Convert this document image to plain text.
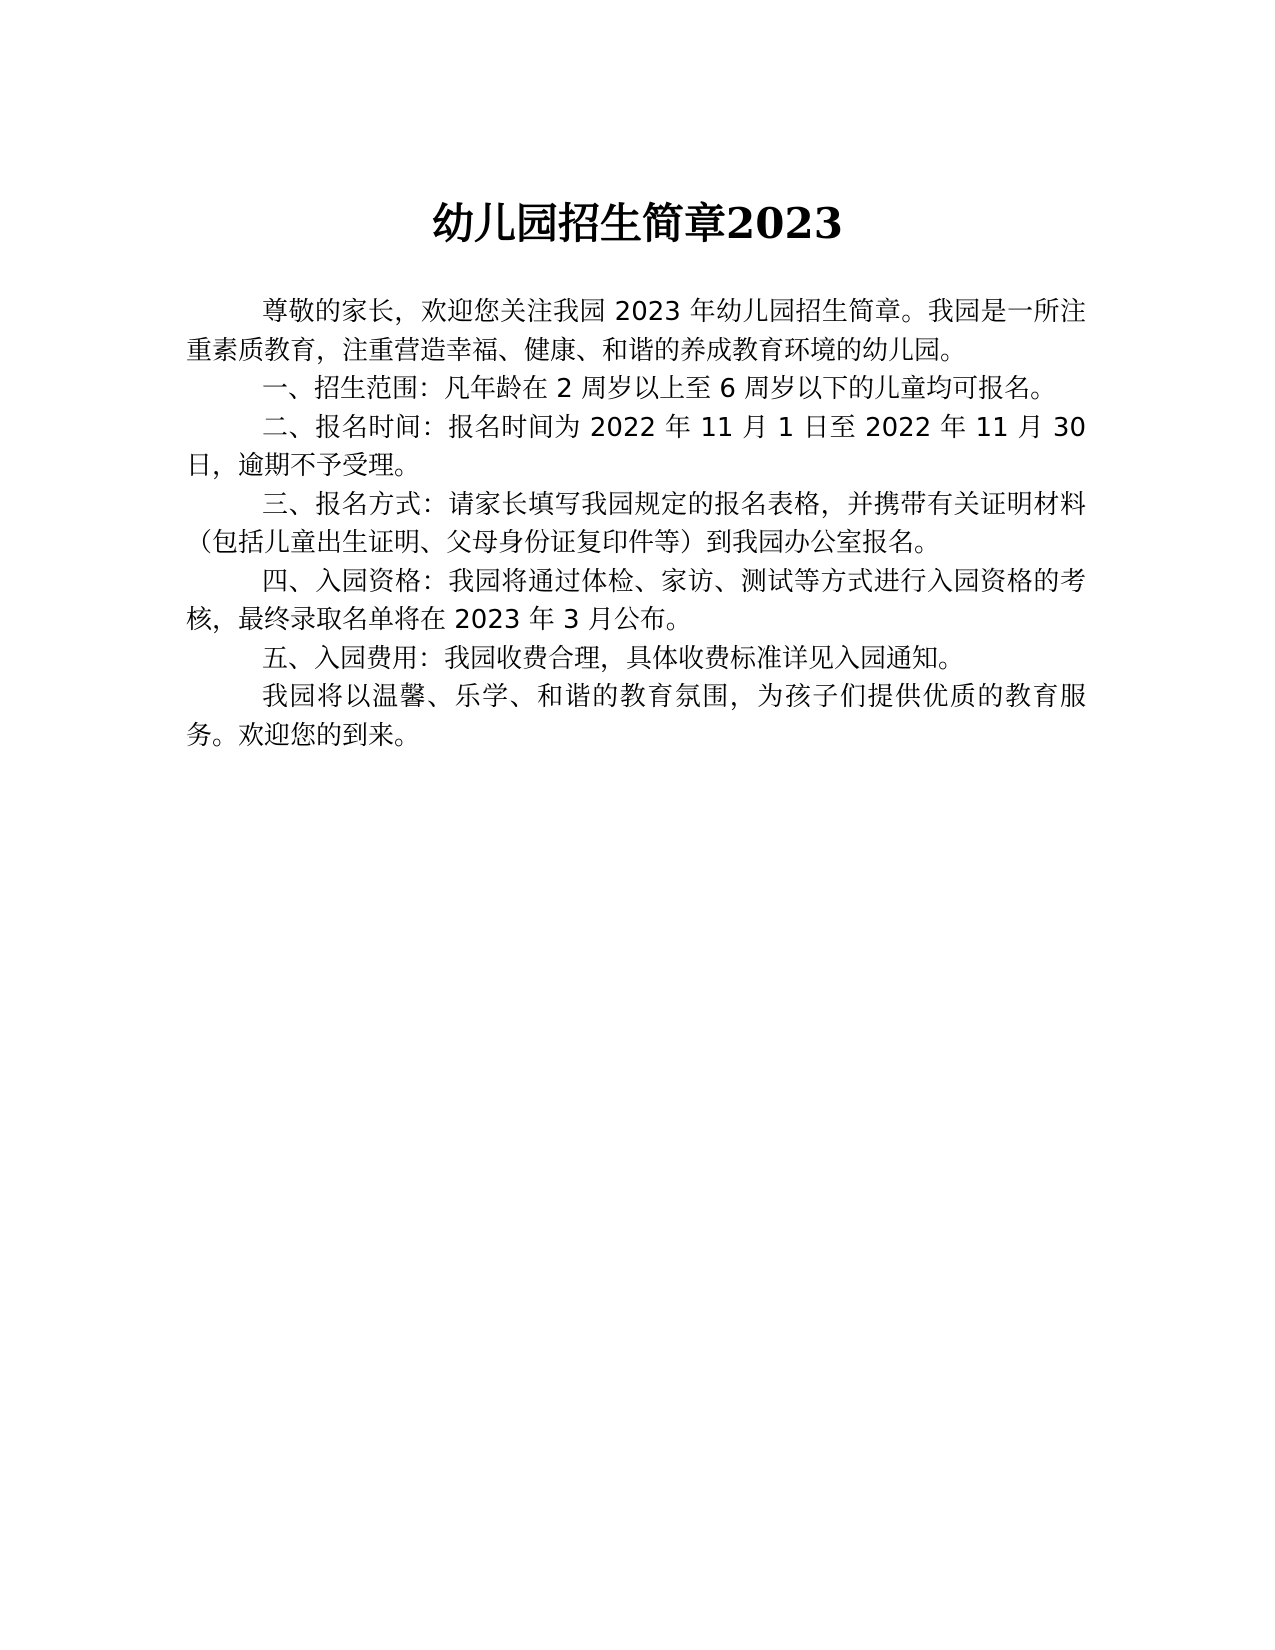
幼儿园招生简章2023

尊敬的家长，欢迎您关注我园 2023 年幼儿园招生简章。我园是一所注重素质教育，注重营造幸福、健康、和谐的养成教育环境的幼儿园。

一、招生范围：凡年龄在 2 周岁以上至 6 周岁以下的儿童均可报名。

二、报名时间：报名时间为 2022 年 11 月 1 日至 2022 年 11 月 30 日，逾期不予受理。

三、报名方式：请家长填写我园规定的报名表格，并携带有关证明材料（包括儿童出生证明、父母身份证复印件等）到我园办公室报名。

四、入园资格：我园将通过体检、家访、测试等方式进行入园资格的考核，最终录取名单将在 2023 年 3 月公布。

五、入园费用：我园收费合理，具体收费标准详见入园通知。

我园将以温馨、乐学、和谐的教育氛围，为孩子们提供优质的教育服务。欢迎您的到来。
